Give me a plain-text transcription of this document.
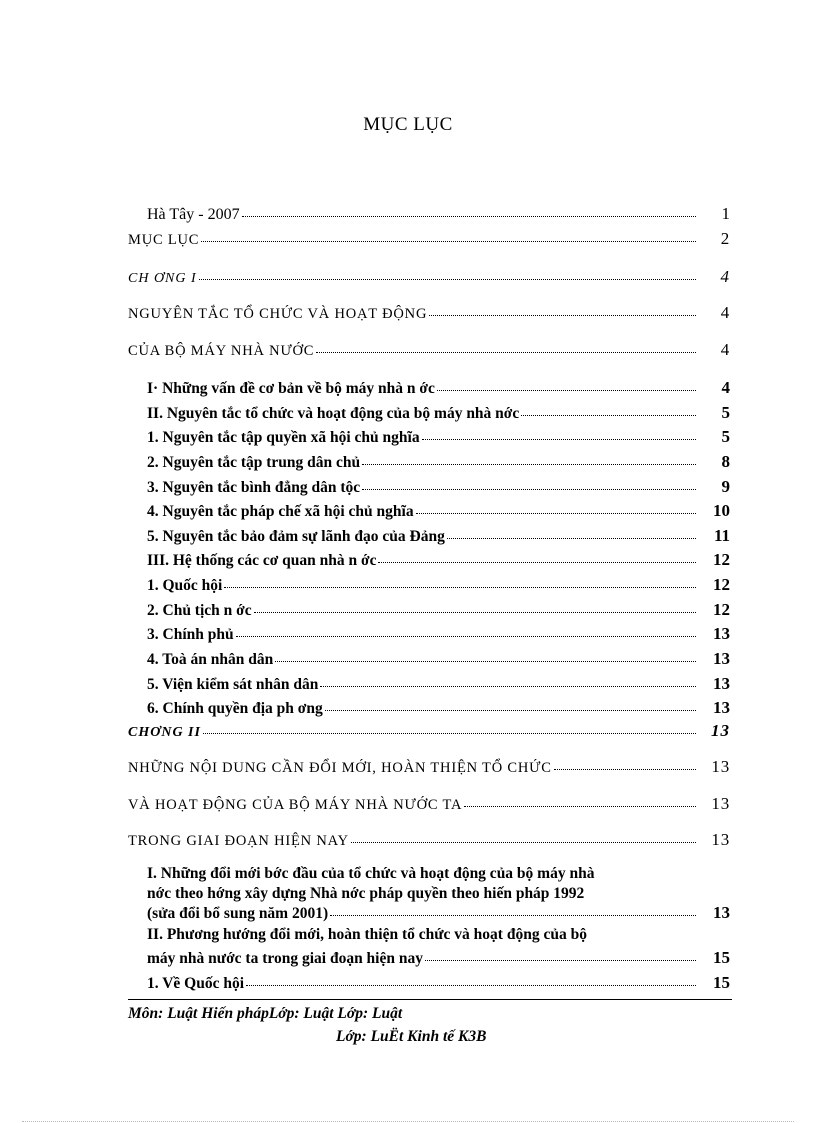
MỤC LỤC
Hà Tây - 2007	1
MỤC LỤC	2
CH ƠNG I	4
NGUYÊN TẮC TỔ CHỨC VÀ HOẠT ĐỘNG	4
CỦA BỘ MÁY NHÀ NƯỚC	4
I· Những vấn đề cơ bản về bộ máy nhà n ớc	4
II. Nguyên tắc tổ chức và hoạt động của bộ máy nhà nớc	5
1. Nguyên tắc tập quyền xã hội chủ nghĩa	5
2. Nguyên tắc tập trung dân chủ	8
3. Nguyên tắc bình đẳng dân tộc	9
4. Nguyên tắc pháp chế xã hội chủ nghĩa	10
5. Nguyên tắc bảo đảm sự lãnh đạo của Đảng	11
III. Hệ thống các cơ quan nhà n ớc	12
1. Quốc hội	12
2. Chủ tịch n ớc	12
3. Chính phủ	13
4. Toà án nhân dân	13
5. Viện kiểm sát nhân dân	13
6. Chính quyền địa ph ơng	13
CHƠNG II	13
NHỮNG NỘI DUNG CẦN ĐỔI MỚI, HOÀN THIỆN TỔ CHỨC	13
VÀ HOẠT ĐỘNG CỦA BỘ MÁY NHÀ NƯỚC TA	13
TRONG GIAI ĐOẠN HIỆN NAY	13
I. Những đổi mới bớc đầu của tổ chức và hoạt động của bộ máy nhà
nớc theo hớng xây dựng Nhà nớc pháp quyền theo hiến pháp 1992
(sửa đổi bổ sung năm 2001)	13
II. Phương hướng đổi mới, hoàn thiện tổ chức và hoạt động của bộ
máy nhà nước ta trong giai đoạn hiện nay	15
1. Về Quốc hội	15
Môn: Luật Hiến phápLớp: Luật Lớp: Luật
Lớp: LuËt Kinh tế K3B
